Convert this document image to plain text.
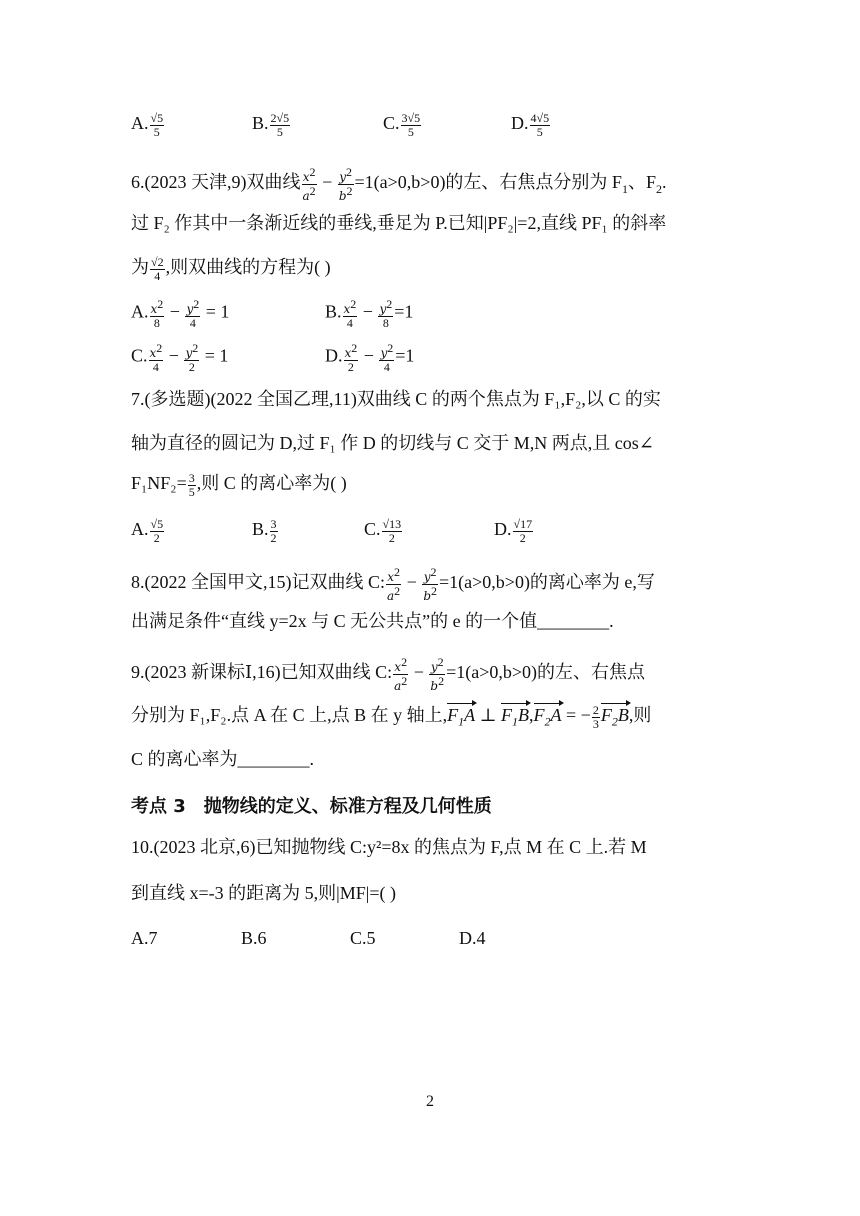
A. $\frac{√5}{5}$	B. $\frac{2√5}{5}$	C. $\frac{3√5}{5}$	D. $\frac{4√5}{5}$
6.(2023 天津,9)双曲线 $\frac{x^2}{a^2} - \frac{y^2}{b^2} =1(a>0,b>0)$的左、右焦点分别为 $F_1$、$F_2$.
过 F₂ 作其中一条渐近线的垂线,垂足为 P.已知|PF₂|=2,直线 PF₁ 的斜率
为 $\frac{√2}{4}$ ,则双曲线的方程为( )
A. $\frac{x^2}{8} - \frac{y^2}{4} = 1$	B. $\frac{x^2}{4} - \frac{y^2}{8} =1$
C. $\frac{x^2}{4} - \frac{y^2}{2} = 1$	D. $\frac{x^2}{2} - \frac{y^2}{4} =1$
7.(多选题)(2022 全国乙理,11)双曲线 C 的两个焦点为 F₁,F₂,以 C 的实
轴为直径的圆记为 D,过 F₁ 作 D 的切线与 C 交于 M,N 两点,且 cos∠
$F_1NF_2= \frac{3}{5}$ ,则 C 的离心率为( )
A. $\frac{√5}{2}$	B. $\frac{3}{2}$	C. $\frac{√13}{2}$	D. $\frac{√17}{2}$
8.(2022 全国甲文,15)记双曲线 C: $\frac{x^2}{a^2} - \frac{y^2}{b^2} =1(a>0,b>0)$的离心率为 e,写
出满足条件“直线 y=2x 与 C 无公共点”的 e 的一个值________.
9.(2023 新课标Ⅰ,16)已知双曲线 C: $\frac{x^2}{a^2} - \frac{y^2}{b^2} =1(a>0,b>0)$的左、右焦点
分别为 F₁,F₂.点 A 在 C 上,点 B 在 y 轴上$,F_1A$ ⊥ $F_1B,F_2A$ = − $\frac{2}{3} F_2B$,则
C 的离心率为________.
考点 3　抛物线的定义、标准方程及几何性质
10.(2023 北京,6)已知抛物线 C:y²=8x 的焦点为 F,点 M 在 C 上.若 M
到直线 x=-3 的距离为 5,则|MF|=( )
A.7	B.6	C.5	D.4
2
